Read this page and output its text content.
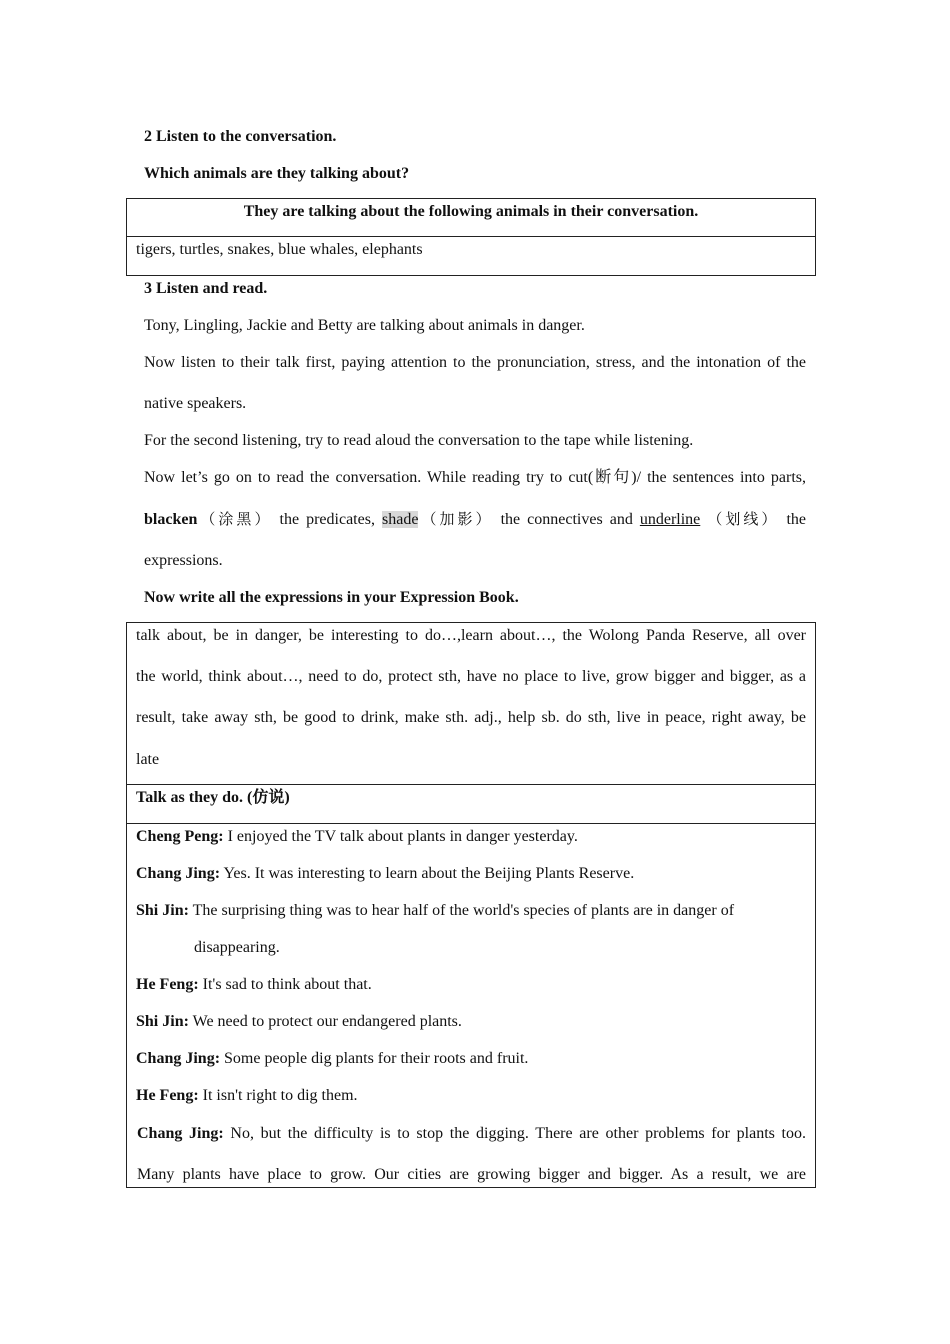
2 Listen to the conversation.
Which animals are they talking about?
They are talking about the following animals in their conversation.
tigers, turtles, snakes, blue whales, elephants
3 Listen and read.
Tony, Lingling, Jackie and Betty are talking about animals in danger.
Now listen to their talk first, paying attention to the pronunciation, stress, and the intonation of the
native speakers.
For the second listening, try to read aloud the conversation to the tape while listening.
Now let’s go on to read the conversation. While reading try to cut(断句)/ the sentences into parts,
blacken（涂黑） the predicates, shade（加影） the connectives and underline （划线） the
expressions.
Now write all the expressions in your Expression Book.
talk about, be in danger, be interesting to do…,learn about…, the Wolong Panda Reserve, all over
the world, think about…, need to do, protect sth, have no place to live, grow bigger and bigger, as a
result, take away sth, be good to drink, make sth. adj., help sb. do sth, live in peace, right away, be
late
Talk as they do. (仿说)
Cheng Peng: I enjoyed the TV talk about plants in danger yesterday.
Chang Jing: Yes. It was interesting to learn about the Beijing Plants Reserve.
Shi Jin: The surprising thing was to hear half of the world's species of plants are in danger of
disappearing.
He Feng: It's sad to think about that.
Shi Jin: We need to protect our endangered plants.
Chang Jing: Some people dig plants for their roots and fruit.
He Feng: It isn't right to dig them.
Chang Jing: No, but the difficulty is to stop the digging. There are other problems for plants too.
Many plants have place to grow. Our cities are growing bigger and bigger. As a result, we are
